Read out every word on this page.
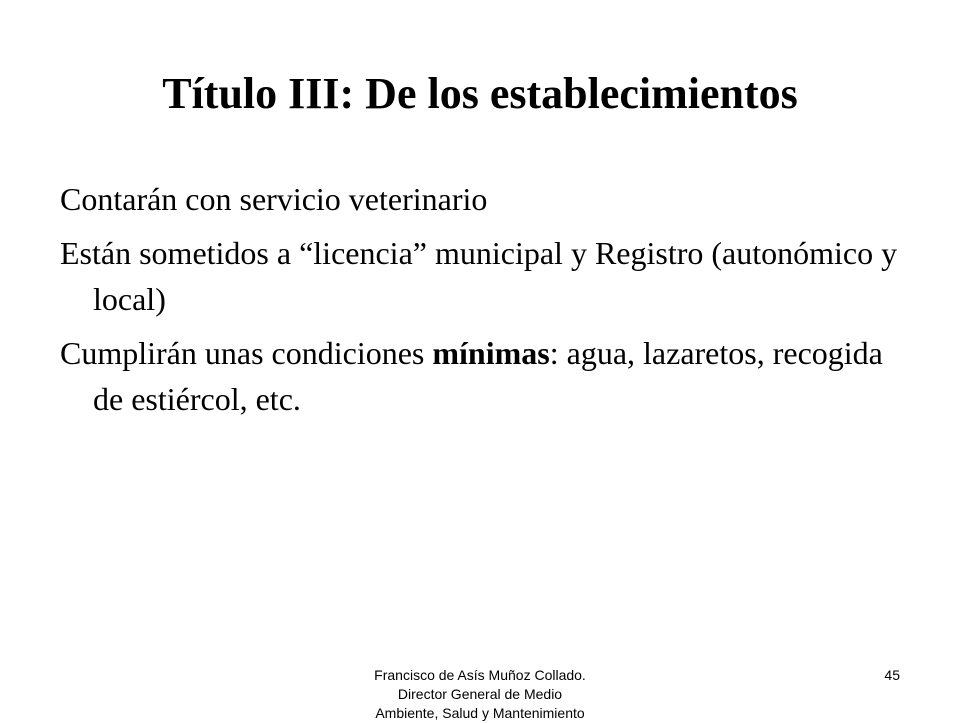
Título III: De los establecimientos
Contarán con servicio veterinario
Están sometidos a “licencia” municipal y Registro (autonómico y local)
Cumplirán unas condiciones mínimas: agua, lazaretos, recogida de estiércol, etc.
Francisco de Asís Muñoz Collado.
Director General de Medio
Ambiente, Salud y Mantenimiento
45
